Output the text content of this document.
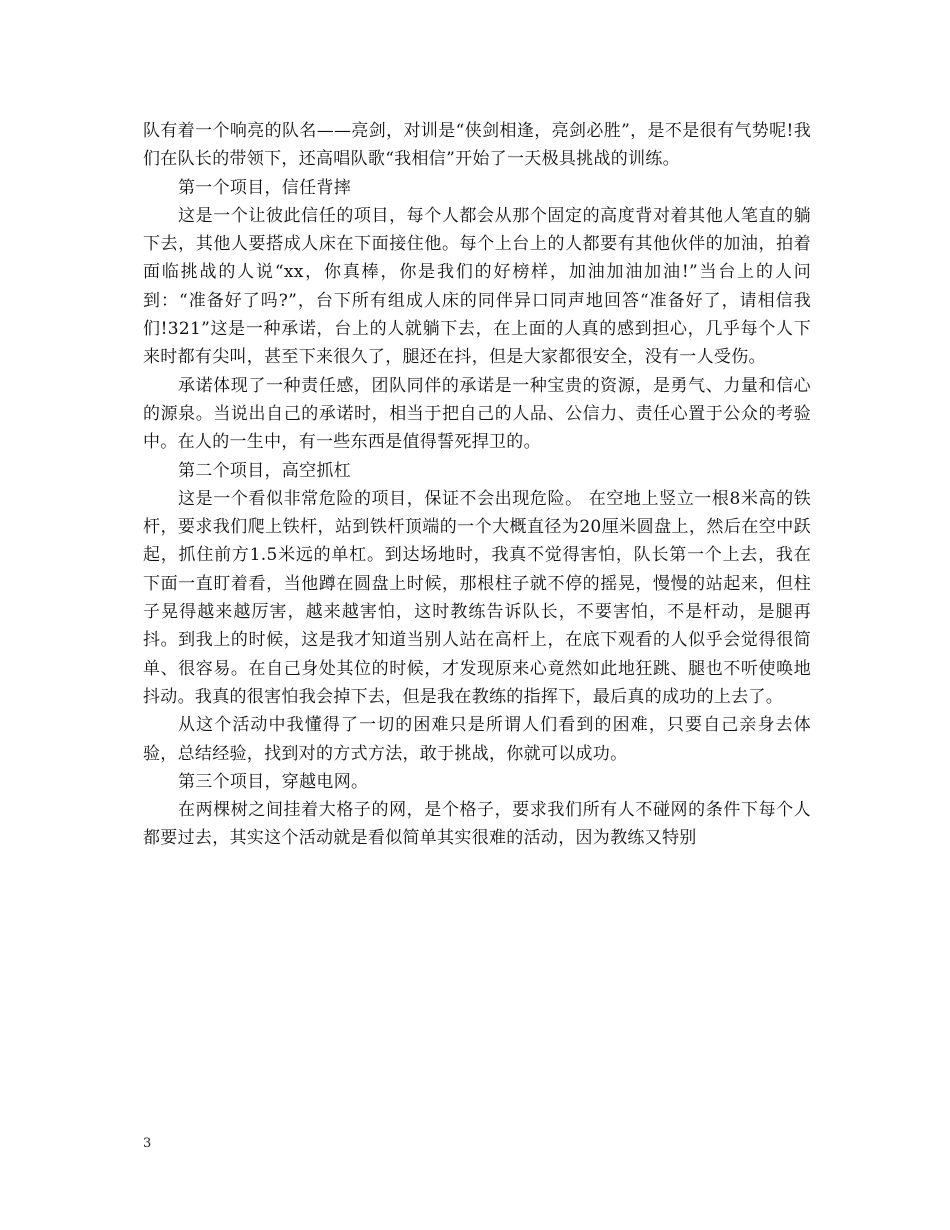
队有着一个响亮的队名——亮剑，对训是“侠剑相逢，亮剑必胜”，是不是很有气势呢!我们在队长的带领下，还高唱队歌“我相信”开始了一天极具挑战的训练。

第一个项目，信任背摔

这是一个让彼此信任的项目，每个人都会从那个固定的高度背对着其他人笔直的躺下去，其他人要搭成人床在下面接住他。每个上台上的人都要有其他伙伴的加油，拍着面临挑战的人说“xx，你真棒，你是我们的好榜样，加油加油加油!”当台上的人问到：“准备好了吗?”，台下所有组成人床的同伴异口同声地回答“准备好了，请相信我们!321”这是一种承诺，台上的人就躺下去，在上面的人真的感到担心，几乎每个人下来时都有尖叫，甚至下来很久了，腿还在抖，但是大家都很安全，没有一人受伤。

承诺体现了一种责任感，团队同伴的承诺是一种宝贵的资源，是勇气、力量和信心的源泉。当说出自己的承诺时，相当于把自己的人品、公信力、责任心置于公众的考验中。在人的一生中，有一些东西是值得誓死捍卫的。

第二个项目，高空抓杠

这是一个看似非常危险的项目，保证不会出现危险。 在空地上竖立一根8米高的铁杆，要求我们爬上铁杆，站到铁杆顶端的一个大概直径为20厘米圆盘上，然后在空中跃起，抓住前方1.5米远的单杠。到达场地时，我真不觉得害怕，队长第一个上去，我在下面一直盯着看，当他蹲在圆盘上时候，那根柱子就不停的摇晃，慢慢的站起来，但柱子晃得越来越厉害，越来越害怕，这时教练告诉队长，不要害怕，不是杆动，是腿再抖。到我上的时候，这是我才知道当别人站在高杆上，在底下观看的人似乎会觉得很简单、很容易。在自己身处其位的时候，才发现原来心竟然如此地狂跳、腿也不听使唤地抖动。我真的很害怕我会掉下去，但是我在教练的指挥下，最后真的成功的上去了。

从这个活动中我懂得了一切的困难只是所谓人们看到的困难，只要自己亲身去体验，总结经验，找到对的方式方法，敢于挑战，你就可以成功。

第三个项目，穿越电网。

在两棵树之间挂着大格子的网，是个格子，要求我们所有人不碰网的条件下每个人都要过去，其实这个活动就是看似简单其实很难的活动，因为教练又特别

3
